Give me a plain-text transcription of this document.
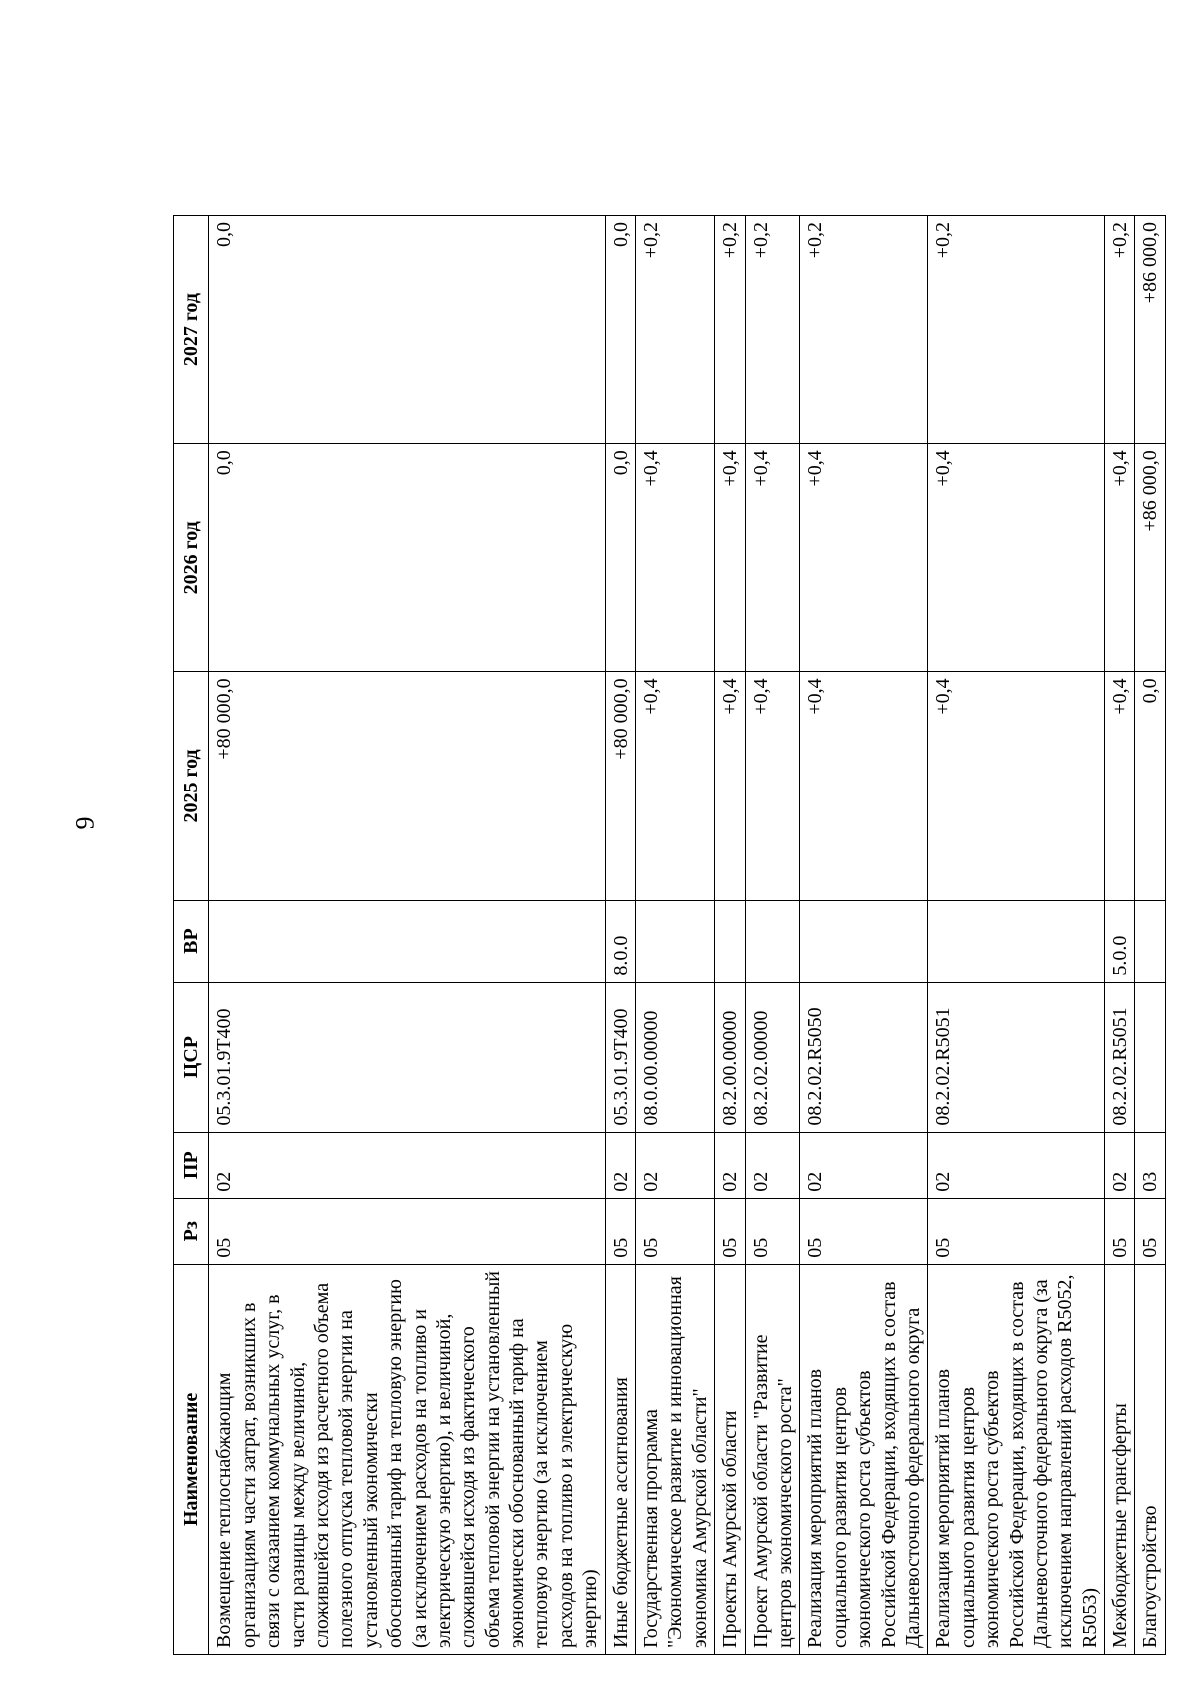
9
Наименование	Рз	ПР	ЦСР	ВР	2025 год	2026 год	2027 год
Возмещение теплоснабжающим организациям части затрат, возникших в связи с оказанием коммунальных услуг, в части разницы между величиной, сложившейся исходя из расчетного объема полезного отпуска тепловой энергии на установленный экономически обоснованный тариф на тепловую энергию (за исключением расходов на топливо и электрическую энергию), и величиной, сложившейся исходя из фактического объема тепловой энергии на установленный экономически обоснованный тариф на тепловую энергию (за исключением расходов на топливо и электрическую энергию)	05	02	05.3.01.9Т400		+80 000,0	0,0	0,0
Иные бюджетные ассигнования	05	02	05.3.01.9Т400	8.0.0	+80 000,0	0,0	0,0
Государственная программа "Экономическое развитие и инновационная экономика Амурской области"	05	02	08.0.00.00000		+0,4	+0,4	+0,2
Проекты Амурской области	05	02	08.2.00.00000		+0,4	+0,4	+0,2
Проект Амурской области "Развитие центров экономического роста"	05	02	08.2.02.00000		+0,4	+0,4	+0,2
Реализация мероприятий планов социального развития центров экономического роста субъектов Российской Федерации, входящих в состав Дальневосточного федерального округа	05	02	08.2.02.R5050		+0,4	+0,4	+0,2
Реализация мероприятий планов социального развития центров экономического роста субъектов Российской Федерации, входящих в состав Дальневосточного федерального округа (за исключением направлений расходов R5052, R5053)	05	02	08.2.02.R5051		+0,4	+0,4	+0,2
Межбюджетные трансферты	05	02	08.2.02.R5051	5.0.0	+0,4	+0,4	+0,2
Благоустройство	05	03			0,0	+86 000,0	+86 000,0
